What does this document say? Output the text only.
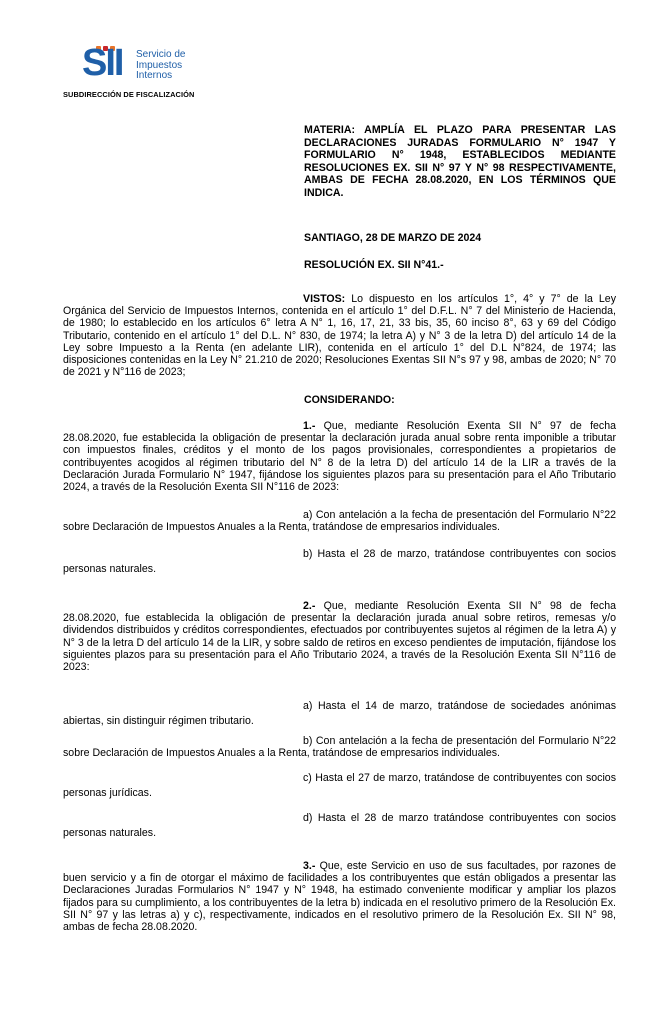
SII Servicio de
Impuestos
Internos
SUBDIRECCIÓN DE FISCALIZACIÓN
MATERIA: AMPLÍA EL PLAZO PARA PRESENTAR LAS DECLARACIONES JURADAS FORMULARIO N° 1947 Y FORMULARIO N° 1948, ESTABLECIDOS MEDIANTE RESOLUCIONES EX. SII N° 97 Y N° 98 RESPECTIVAMENTE, AMBAS DE FECHA 28.08.2020, EN LOS TÉRMINOS QUE INDICA.
SANTIAGO, 28 DE MARZO DE 2024
RESOLUCIÓN EX. SII N°41.-
VISTOS: Lo dispuesto en los artículos 1°, 4° y 7° de la Ley Orgánica del Servicio de Impuestos Internos, contenida en el artículo 1° del D.F.L. N° 7 del Ministerio de Hacienda, de 1980; lo establecido en los artículos 6° letra A N° 1, 16, 17, 21, 33 bis, 35, 60 inciso 8°, 63 y 69 del Código Tributario, contenido en el artículo 1° del D.L. N° 830, de 1974; la letra A) y N° 3 de la letra D) del artículo 14 de la Ley sobre Impuesto a la Renta (en adelante LIR), contenida en el artículo 1° del D.L N°824, de 1974; las disposiciones contenidas en la Ley N° 21.210 de 2020; Resoluciones Exentas SII N°s 97 y 98, ambas de 2020; N° 70 de 2021 y N°116 de 2023;
CONSIDERANDO:
1.- Que, mediante Resolución Exenta SII N° 97 de fecha 28.08.2020, fue establecida la obligación de presentar la declaración jurada anual sobre renta imponible a tributar con impuestos finales, créditos y el monto de los pagos provisionales, correspondientes a propietarios de contribuyentes acogidos al régimen tributario del N° 8 de la letra D) del artículo 14 de la LIR a través de la Declaración Jurada Formulario N° 1947, fijándose los siguientes plazos para su presentación para el Año Tributario 2024, a través de la Resolución Exenta SII N°116 de 2023:
a) Con antelación a la fecha de presentación del Formulario N°22 sobre Declaración de Impuestos Anuales a la Renta, tratándose de empresarios individuales.
b) Hasta el 28 de marzo, tratándose contribuyentes con socios personas naturales.
2.- Que, mediante Resolución Exenta SII N° 98 de fecha 28.08.2020, fue establecida la obligación de presentar la declaración jurada anual sobre retiros, remesas y/o dividendos distribuidos y créditos correspondientes, efectuados por contribuyentes sujetos al régimen de la letra A) y N° 3 de la letra D del artículo 14 de la LIR, y sobre saldo de retiros en exceso pendientes de imputación, fijándose los siguientes plazos para su presentación para el Año Tributario 2024, a través de la Resolución Exenta SII N°116 de 2023:
a) Hasta el 14 de marzo, tratándose de sociedades anónimas abiertas, sin distinguir régimen tributario.
b) Con antelación a la fecha de presentación del Formulario N°22 sobre Declaración de Impuestos Anuales a la Renta, tratándose de empresarios individuales.
c) Hasta el 27 de marzo, tratándose de contribuyentes con socios personas jurídicas.
d) Hasta el 28 de marzo tratándose contribuyentes con socios personas naturales.
3.- Que, este Servicio en uso de sus facultades, por razones de buen servicio y a fin de otorgar el máximo de facilidades a los contribuyentes que están obligados a presentar las Declaraciones Juradas Formularios N° 1947 y N° 1948, ha estimado conveniente modificar y ampliar los plazos fijados para su cumplimiento, a los contribuyentes de la letra b) indicada en el resolutivo primero de la Resolución Ex. SII N° 97 y las letras a) y c), respectivamente, indicados en el resolutivo primero de la Resolución Ex. SII N° 98, ambas de fecha 28.08.2020.
